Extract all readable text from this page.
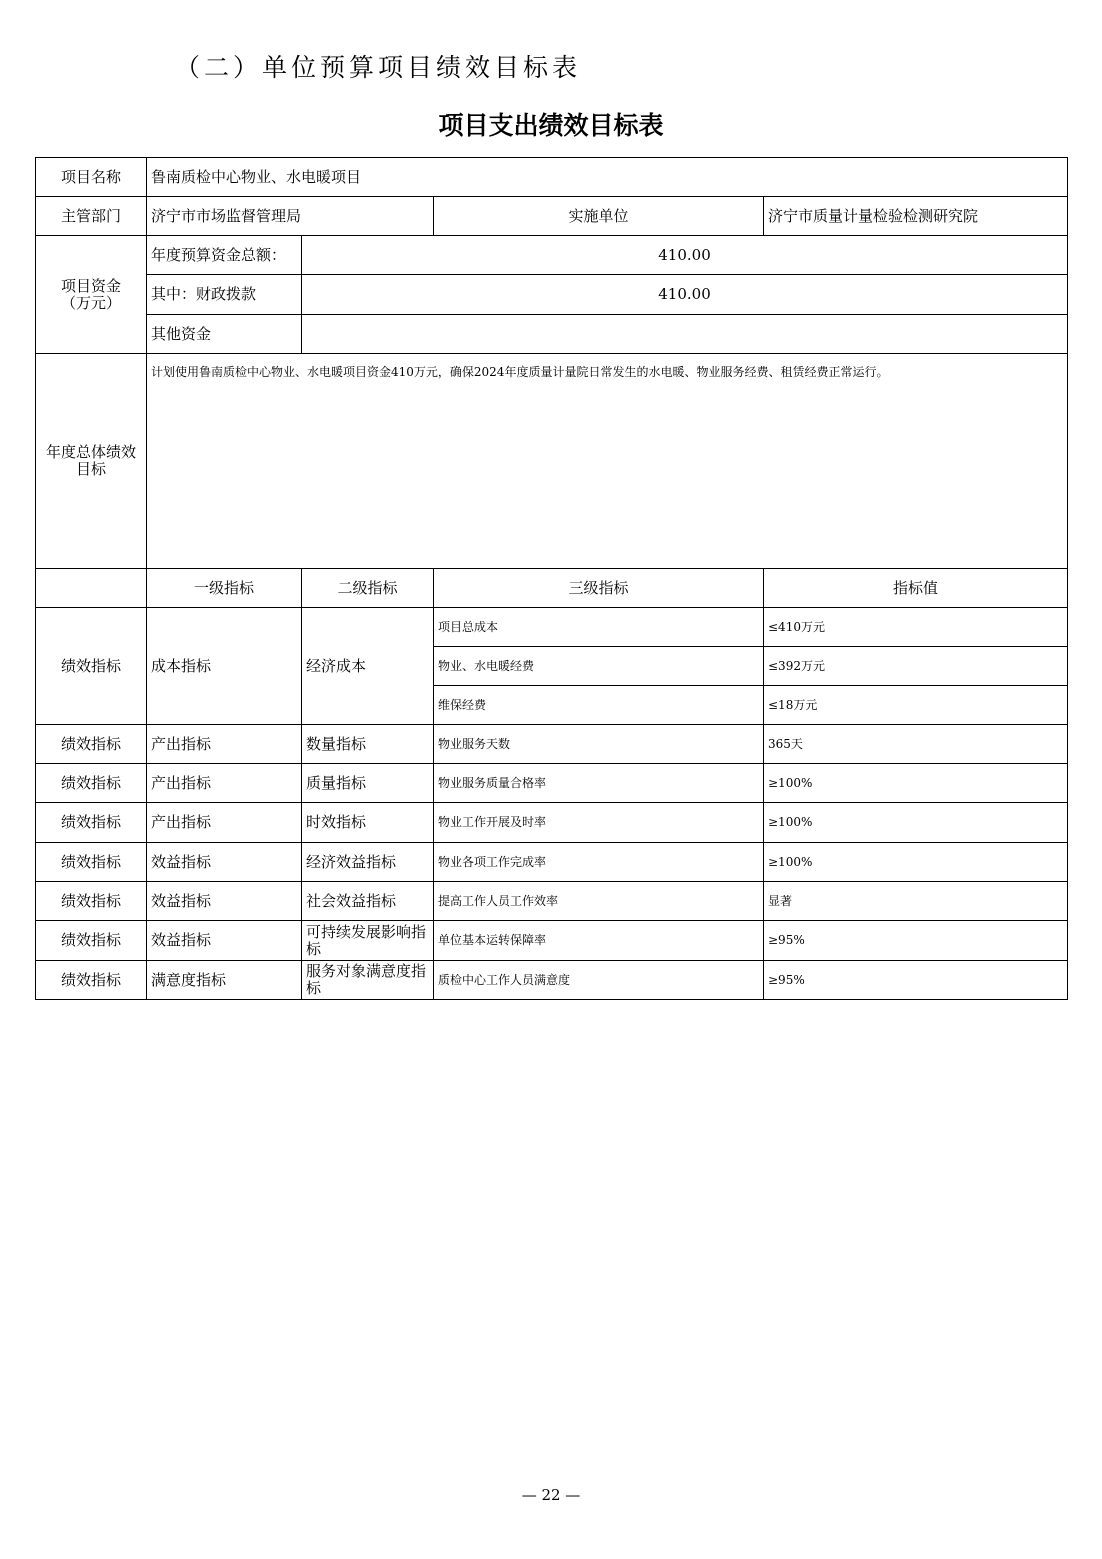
（二）单位预算项目绩效目标表
项目支出绩效目标表
项目名称	鲁南质检中心物业、水电暖项目			
主管部门	济宁市市场监督管理局		实施单位	济宁市质量计量检验检测研究院
项目资金（万元）	年度预算资金总额：	410.00		
	其中：财政拨款	410.00		
	其他资金			
年度总体绩效目标	计划使用鲁南质检中心物业、水电暖项目资金410万元，确保2024年度质量计量院日常发生的水电暖、物业服务经费、租赁经费正常运行。			
	一级指标	二级指标	三级指标	指标值
绩效指标	成本指标	经济成本	项目总成本	≤410万元
			物业、水电暖经费	≤392万元
			维保经费	≤18万元
绩效指标	产出指标	数量指标	物业服务天数	365天
绩效指标	产出指标	质量指标	物业服务质量合格率	≥100%
绩效指标	产出指标	时效指标	物业工作开展及时率	≥100%
绩效指标	效益指标	经济效益指标	物业各项工作完成率	≥100%
绩效指标	效益指标	社会效益指标	提高工作人员工作效率	显著
绩效指标	效益指标	可持续发展影响指标	单位基本运转保障率	≥95%
绩效指标	满意度指标	服务对象满意度指标	质检中心工作人员满意度	≥95%
— 22 —
